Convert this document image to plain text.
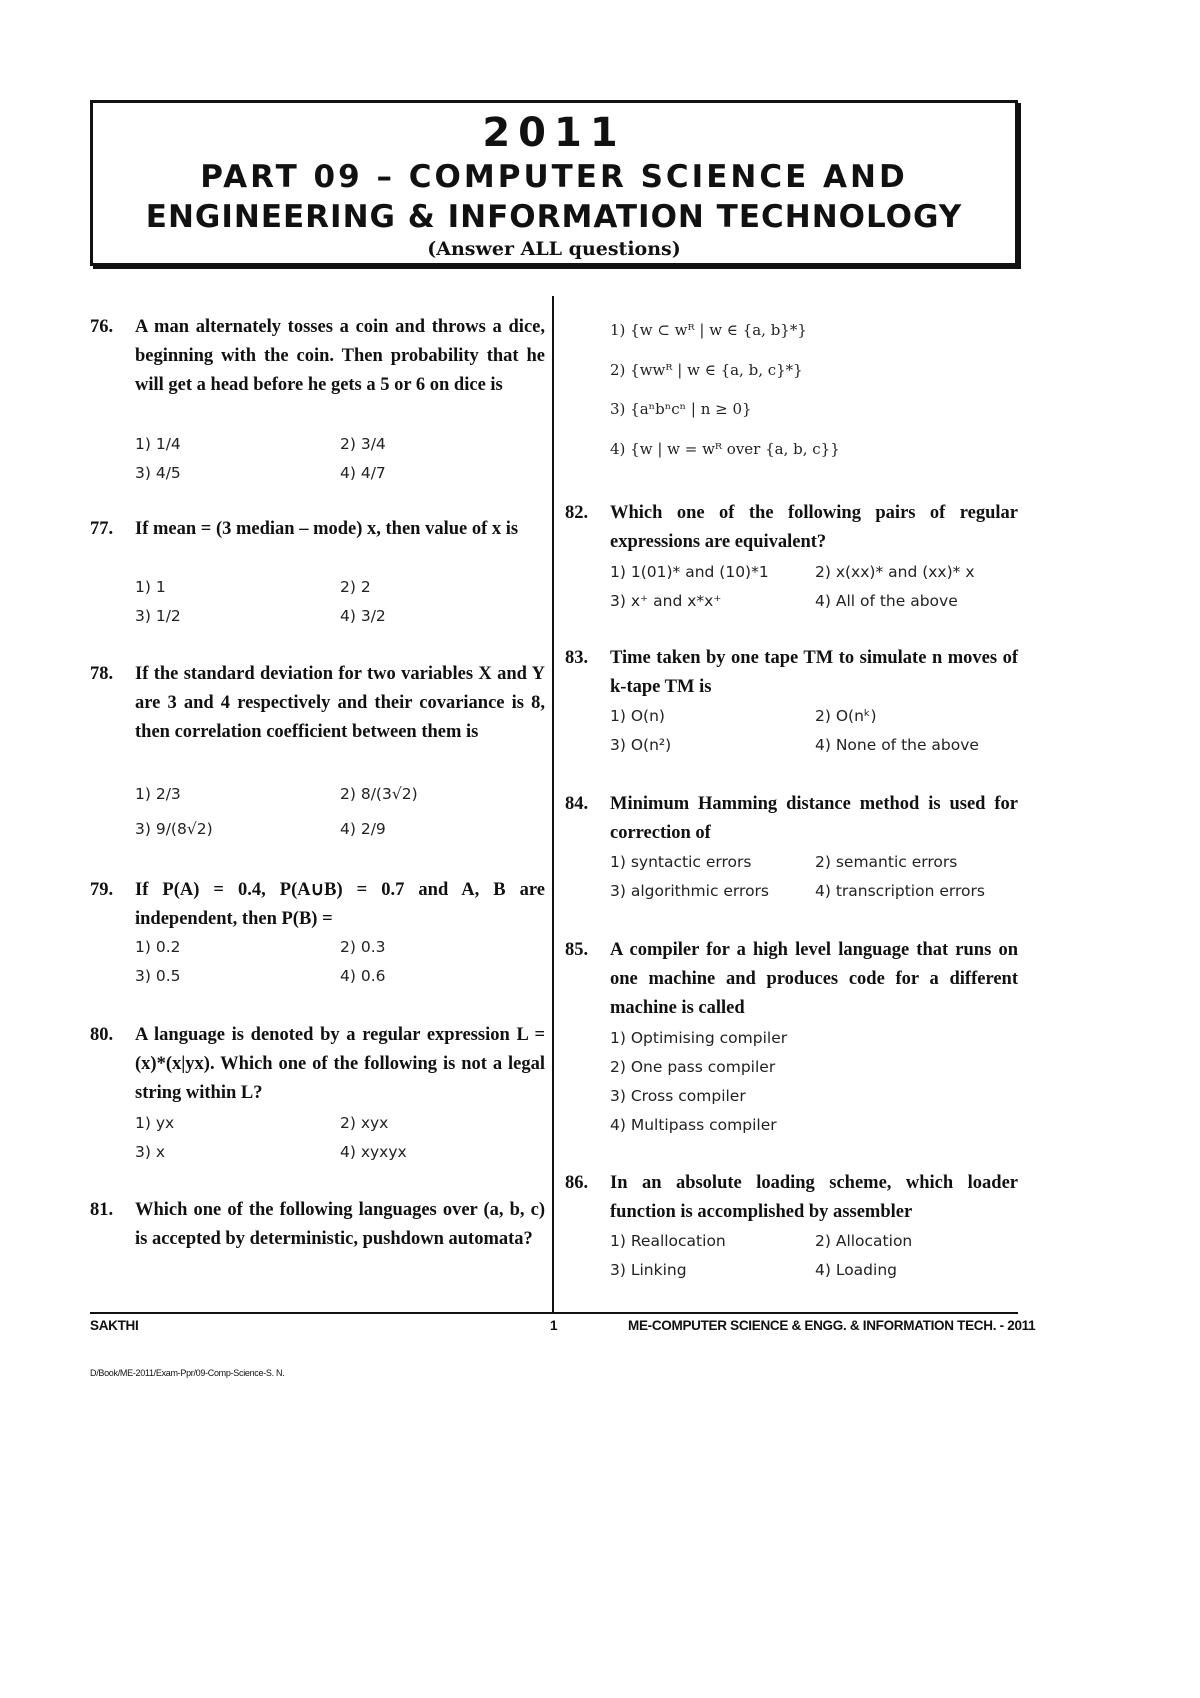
2011
PART 09 – COMPUTER SCIENCE AND
ENGINEERING & INFORMATION TECHNOLOGY
(Answer ALL questions)
76. A man alternately tosses a coin and throws a dice, beginning with the coin. Then probability that he will get a head before he gets a 5 or 6 on dice is
1) 1/4	2) 3/4
3) 4/5	4) 4/7
77. If mean = (3 median – mode) x, then value of x is
1) 1	2) 2
3) 1/2	4) 3/2
78. If the standard deviation for two variables X and Y are 3 and 4 respectively and their covariance is 8, then correlation coefficient between them is
1) 2/3	2) 8/(3√2)
3) 9/(8√2)	4) 2/9
79. If P(A) = 0.4, P(A∪B) = 0.7 and A, B are independent, then P(B) =
1) 0.2	2) 0.3
3) 0.5	4) 0.6
80. A language is denoted by a regular expression L = (x)*(x|yx). Which one of the following is not a legal string within L?
1) yx	2) xyx
3) x	4) xyxyx
81. Which one of the following languages over (a, b, c) is accepted by deterministic, pushdown automata?
1) {w ⊂ wᴿ | w ∈ {a, b}*}
2) {wwᴿ | w ∈ {a, b, c}*}
3) {aⁿbⁿcⁿ | n ≥ 0}
4) {w | w = wᴿ over {a, b, c}}
82. Which one of the following pairs of regular expressions are equivalent?
1) 1(01)* and (10)*1	2) x(xx)* and (xx)* x
3) x⁺ and x*x⁺	4) All of the above
83. Time taken by one tape TM to simulate n moves of k-tape TM is
1) O(n)	2) O(nᵏ)
3) O(n²)	4) None of the above
84. Minimum Hamming distance method is used for correction of
1) syntactic errors	2) semantic errors
3) algorithmic errors	4) transcription errors
85. A compiler for a high level language that runs on one machine and produces code for a different machine is called
1) Optimising compiler
2) One pass compiler
3) Cross compiler
4) Multipass compiler
86. In an absolute loading scheme, which loader function is accomplished by assembler
1) Reallocation	2) Allocation
3) Linking	4) Loading
SAKTHI	1	ME-COMPUTER SCIENCE & ENGG. & INFORMATION TECH. - 2011
D/Book/ME-2011/Exam-Ppr/09-Comp-Science-S. N.
